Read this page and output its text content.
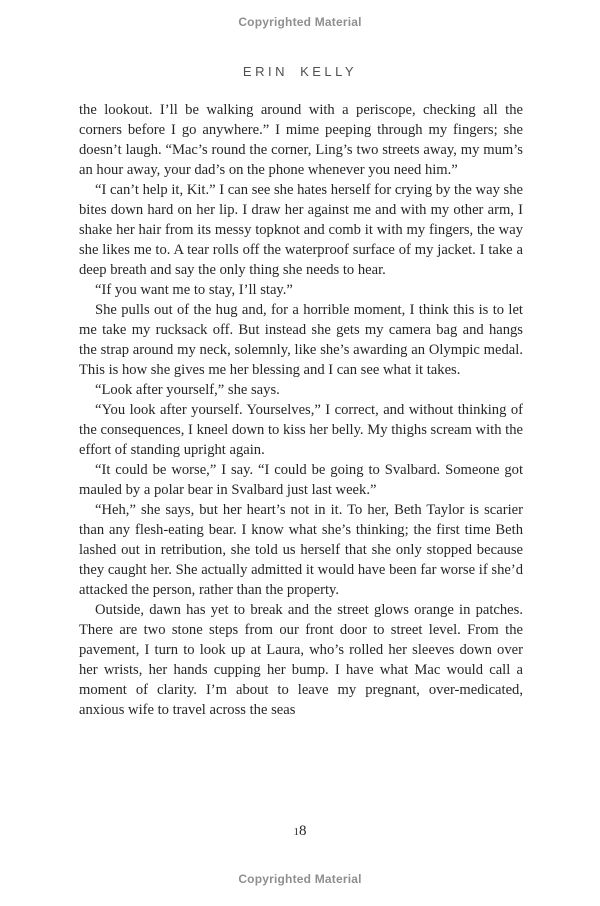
Copyrighted Material
ERIN KELLY

the lookout. I’ll be walking around with a periscope, checking all the corners before I go anywhere.” I mime peeping through my fingers; she doesn’t laugh. “Mac’s round the corner, Ling’s two streets away, my mum’s an hour away, your dad’s on the phone whenever you need him.”

“I can’t help it, Kit.” I can see she hates herself for crying by the way she bites down hard on her lip. I draw her against me and with my other arm, I shake her hair from its messy topknot and comb it with my fingers, the way she likes me to. A tear rolls off the waterproof surface of my jacket. I take a deep breath and say the only thing she needs to hear.

“If you want me to stay, I’ll stay.”

She pulls out of the hug and, for a horrible moment, I think this is to let me take my rucksack off. But instead she gets my camera bag and hangs the strap around my neck, solemnly, like she’s awarding an Olympic medal. This is how she gives me her blessing and I can see what it takes.

“Look after yourself,” she says.

“You look after yourself. Yourselves,” I correct, and without thinking of the consequences, I kneel down to kiss her belly. My thighs scream with the effort of standing upright again.

“It could be worse,” I say. “I could be going to Svalbard. Someone got mauled by a polar bear in Svalbard just last week.”

“Heh,” she says, but her heart’s not in it. To her, Beth Taylor is scarier than any flesh-eating bear. I know what she’s thinking; the first time Beth lashed out in retribution, she told us herself that she only stopped because they caught her. She actually admitted it would have been far worse if she’d attacked the person, rather than the property.

Outside, dawn has yet to break and the street glows orange in patches. There are two stone steps from our front door to street level. From the pavement, I turn to look up at Laura, who’s rolled her sleeves down over her wrists, her hands cupping her bump. I have what Mac would call a moment of clarity. I’m about to leave my pregnant, over-medicated, anxious wife to travel across the seas

18
Copyrighted Material
